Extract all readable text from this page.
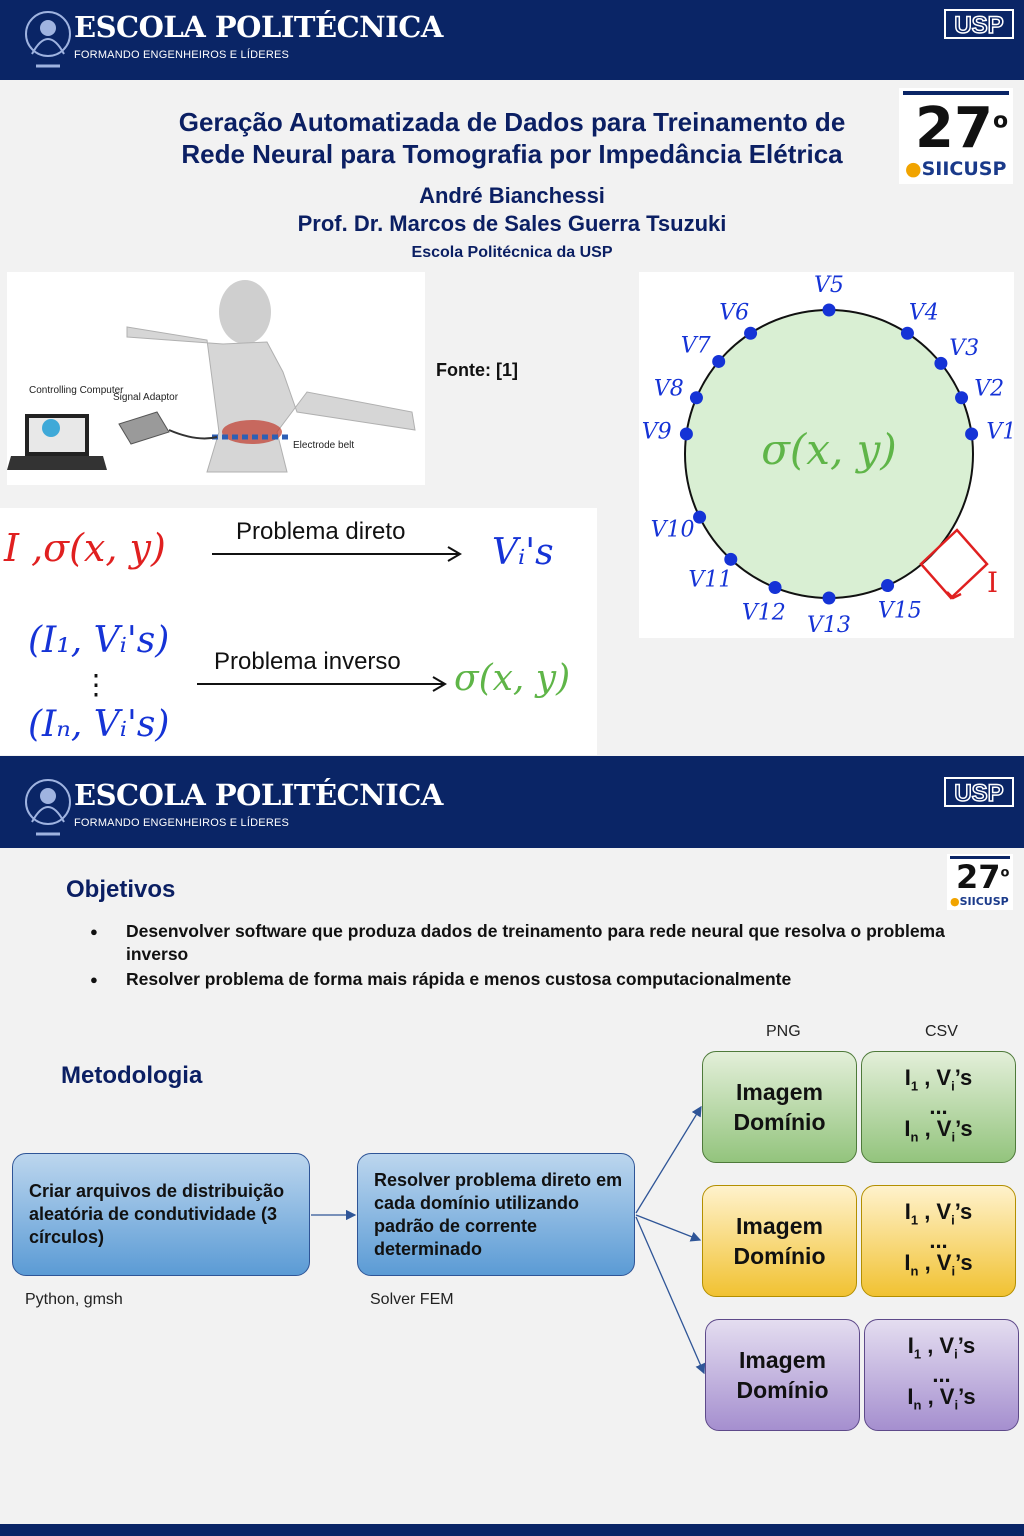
ESCOLA POLITÉCNICA
FORMANDO ENGENHEIROS E LÍDERES
USP
27$^o$
●SIICUSP
Geração Automatizada de Dados para Treinamento de
Rede Neural para Tomografia por Impedância Elétrica
André Bianchessi
Prof. Dr. Marcos de Sales Guerra Tsuzuki
Escola Politécnica da USP
Controlling Computer
Signal Adaptor
Electrode belt
Fonte: [1]
I ,σ(x, y)	Problema direto
Vᵢ's
(I₁, Vᵢ's)
⋮
(Iₙ, Vᵢ's)
Problema inverso σ(x, y)
σ(x, y)	V1
V2
V3
V4
V5
V6
V7
V8
V9
V10
V11
V12 V13
V15
I
ESCOLA POLITÉCNICA
FORMANDO ENGENHEIROS E LÍDERES
USP
27$^o$
●SIICUSP
Objetivos
● Desenvolver software que produza dados de treinamento para rede neural que resolva o problema inverso
● Resolver problema de forma mais rápida e menos custosa computacionalmente
Metodologia
Criar arquivos de distribuição aleatória de condutividade (3 círculos)
Python, gmsh
Resolver problema direto em cada domínio utilizando padrão de corrente determinado
Solver FEM
PNG	CSV
Imagem
Domínio
$I_1$ , $V_i’s$
...
$I_n$ , $V_i’s$
Imagem
Domínio
$I_1$ , $V_i’s$
...
$I_n$ , $V_i’s$
Imagem
Domínio
$I_1$ , $V_i’s$
...
$I_n$ , $V_i’s$
